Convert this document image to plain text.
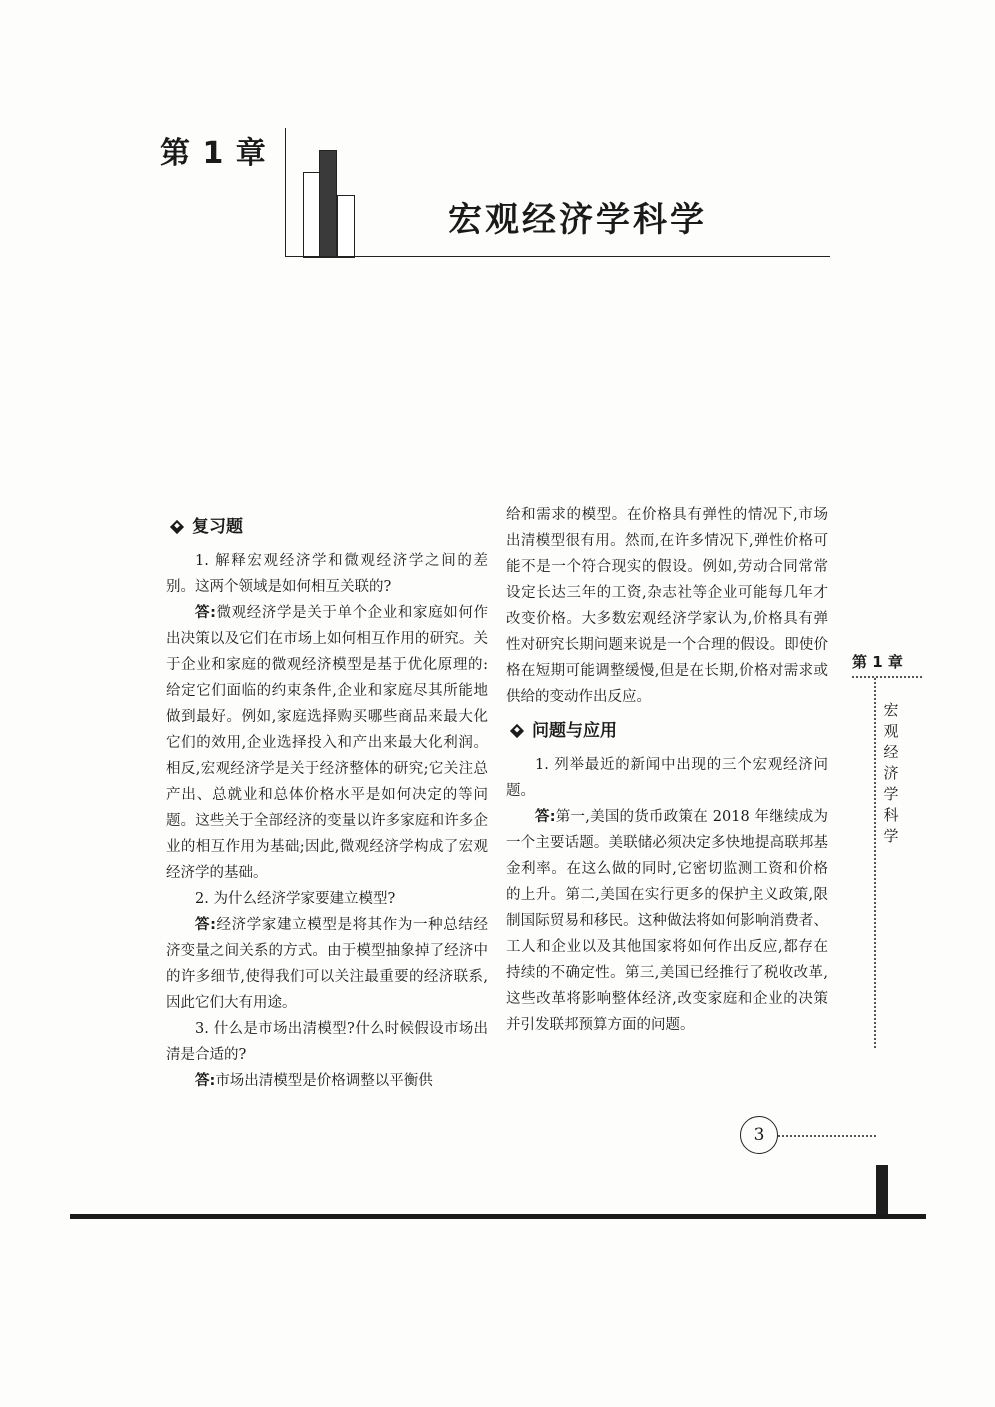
第 1 章
宏观经济学科学
复习题

1. 解释宏观经济学和微观经济学之间的差别。这两个领域是如何相互关联的?

答:微观经济学是关于单个企业和家庭如何作出决策以及它们在市场上如何相互作用的研究。关于企业和家庭的微观经济模型是基于优化原理的:给定它们面临的约束条件,企业和家庭尽其所能地做到最好。例如,家庭选择购买哪些商品来最大化它们的效用,企业选择投入和产出来最大化利润。相反,宏观经济学是关于经济整体的研究;它关注总产出、总就业和总体价格水平是如何决定的等问题。这些关于全部经济的变量以许多家庭和许多企业的相互作用为基础;因此,微观经济学构成了宏观经济学的基础。

2. 为什么经济学家要建立模型?

答:经济学家建立模型是将其作为一种总结经济变量之间关系的方式。由于模型抽象掉了经济中的许多细节,使得我们可以关注最重要的经济联系,因此它们大有用途。

3. 什么是市场出清模型?什么时候假设市场出清是合适的?

答:市场出清模型是价格调整以平衡供

给和需求的模型。在价格具有弹性的情况下,市场出清模型很有用。然而,在许多情况下,弹性价格可能不是一个符合现实的假设。例如,劳动合同常常设定长达三年的工资,杂志社等企业可能每几年才改变价格。大多数宏观经济学家认为,价格具有弹性对研究长期问题来说是一个合理的假设。即使价格在短期可能调整缓慢,但是在长期,价格对需求或供给的变动作出反应。

问题与应用

1. 列举最近的新闻中出现的三个宏观经济问题。

答:第一,美国的货币政策在 2018 年继续成为一个主要话题。美联储必须决定多快地提高联邦基金利率。在这么做的同时,它密切监测工资和价格的上升。第二,美国在实行更多的保护主义政策,限制国际贸易和移民。这种做法将如何影响消费者、工人和企业以及其他国家将如何作出反应,都存在持续的不确定性。第三,美国已经推行了税收改革,这些改革将影响整体经济,改变家庭和企业的决策并引发联邦预算方面的问题。

第 1 章
宏
观
经
济
学
科
学
3
